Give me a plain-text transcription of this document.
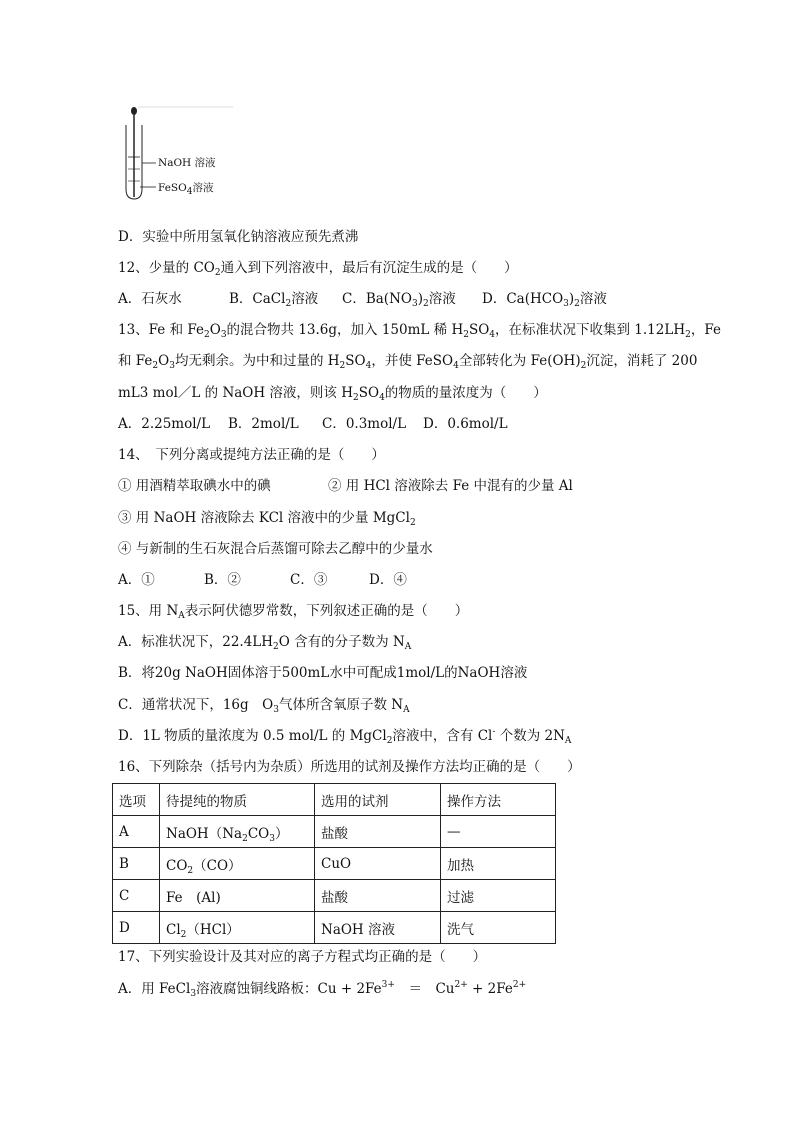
NaOH 溶液
FeSO$_4$溶液
D．实验中所用氢氧化钠溶液应预先煮沸
12、少量的 $CO_2$通入到下列溶液中，最后有沉淀生成的是（　　）
A．石灰水	B．CaCl$_2$溶液 C．$Ba(NO_3)_2$溶液 D．$Ca(HCO_3)_2$溶液
13、Fe 和 $Fe_2O_3$的混合物共 13.6g，加入 150mL 稀 $H_2SO_4$，在标准状况下收集到 $1.12LH_2$，Fe
和 $Fe_2O_3$均无剩余。为中和过量的 $H_2SO_4$，并使 FeSO$_4$全部转化为 $Fe(OH)_2$沉淀，消耗了 200
mL3 mol／L 的 NaOH 溶液，则该 $H_2SO_4$的物质的量浓度为（　　）
A．2.25mol/L B．2mol/L C．0.3mol/L D．0.6mol/L
14、　下列分离或提纯方法正确的是（　　）
① 用酒精萃取碘水中的碘	② 用 HCl 溶液除去 Fe 中混有的少量 Al
③ 用 NaOH 溶液除去 KCl 溶液中的少量 MgCl$_2$
④ 与新制的生石灰混合后蒸馏可除去乙醇中的少量水
A．①	B．②	C．③	D．④
15、用 $N_A$表示阿伏德罗常数，下列叙述正确的是（　　）
A．标准状况下，$22.4LH_2O$ 含有的分子数为 $N_A$
B．将20g NaOH固体溶于500mL水中可配成1mol/L的NaOH溶液
C．通常状况下，16g　$O_3$气体所含氧原子数 $N_A$
D．1L 物质的量浓度为 0.5 mol/L 的 MgCl$_2$溶液中，含有 Cl- 个数为 $2N_A$
16、下列除杂（括号内为杂质）所选用的试剂及操作方法均正确的是（　　）
选项	待提纯的物质	选用的试剂	操作方法
A	$NaOH(Na_2CO_3)$	盐酸	—
B	$CO_2(CO)$	CuO	加热
C	Fe　(Al)	盐酸	过滤
D	$Cl_2(HCl)$	NaOH 溶液	洗气
17、下列实验设计及其对应的离子方程式均正确的是（　　）
A．用 FeCl$_3$溶液腐蚀铜线路板：$Cu + 2Fe^{3+}$　＝　$Cu^{2+} + 2Fe^{2+}$
